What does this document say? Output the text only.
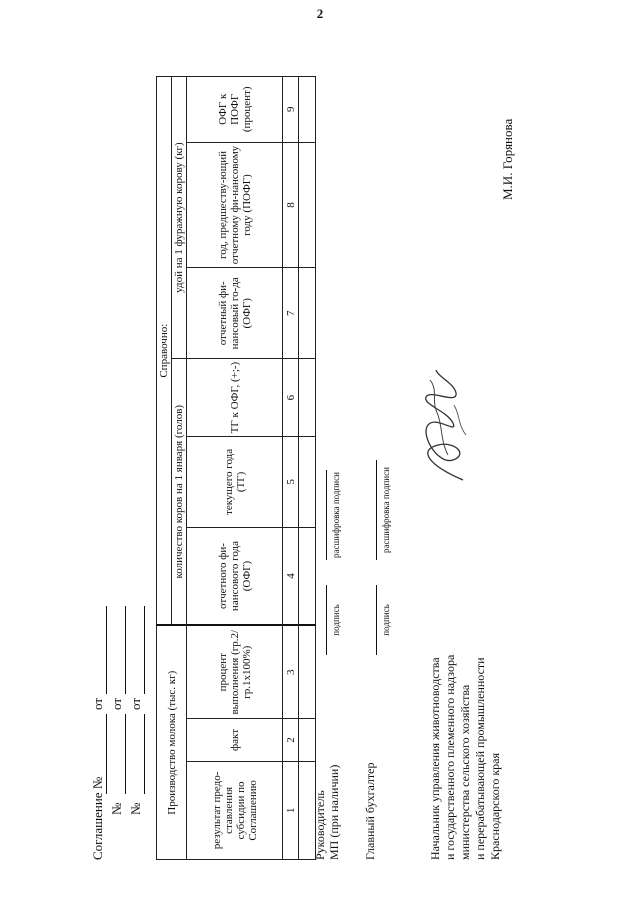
2
Соглашение №
от
№
от
№
от Производство молока (тыс. кг)			Справочно:					
			количество коров на 1 января (голов)			удой на 1 фуражную корову (кг)		
результат предо-ставления субсидии по Соглашению	факт	процент выполнения (гр.2/ гр.1х100%)	отчетного фи-нансового года (ОФГ)	текущего года (ТГ)	ТГ к ОФГ, (+;-)	отчетный фи-нансовый го-да (ОФГ)	год, предшеству-ющий отчетному фи-нансовому году (ПОФГ)	ОФГ к ПОФГ (процент)
1	2	3	4	5	6	7	8	9

Руководитель МП (при наличии)
подпись
расшифровка подписи
Главный бухгалтер
подпись
расшифровка подписи
Начальник управления животноводства и государственного племенного надзора министерства сельского хозяйства и перерабатывающей промышленности Краснодарского края
М.И. Горянова
